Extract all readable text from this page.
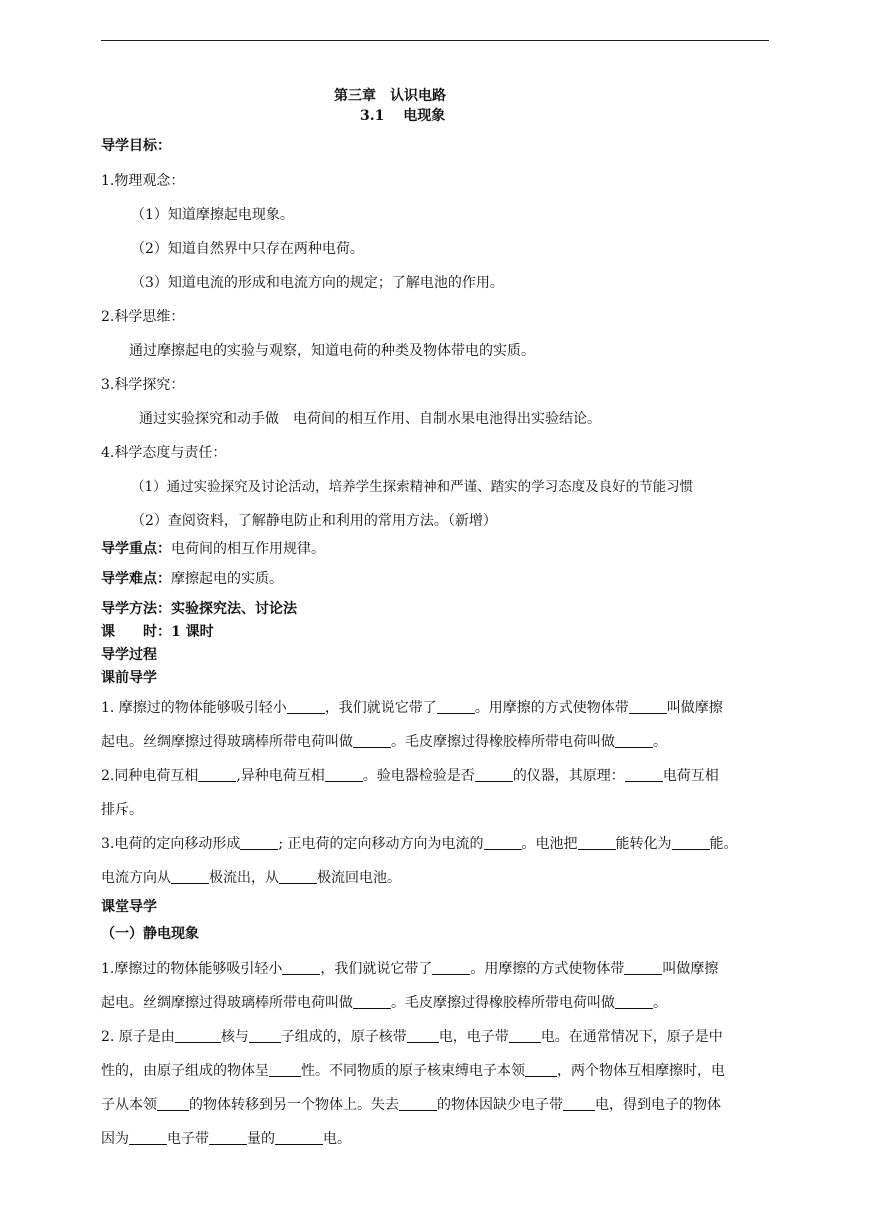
第三章　认识电路
3.1　 电现象
导学目标：
1.物理观念：
（1）知道摩擦起电现象。
（2）知道自然界中只存在两种电荷。
（3）知道电流的形成和电流方向的规定；了解电池的作用。
2.科学思维：
通过摩擦起电的实验与观察，知道电荷的种类及物体带电的实质。
3.科学探究：
通过实验探究和动手做　电荷间的相互作用、自制水果电池得出实验结论。
4.科学态度与责任：
（1）通过实验探究及讨论活动，培养学生探索精神和严谨、踏实的学习态度及良好的节能习惯
（2）查阅资料，了解静电防止和利用的常用方法。（新增）
导学重点：电荷间的相互作用规律。
导学难点：摩擦起电的实质。
导学方法：实验探究法、讨论法
课　　时：1 课时
导学过程
课前导学
1. 摩擦过的物体能够吸引轻小	，我们就说它带了	。用摩擦的方式使物体带	叫做摩擦
起电。丝绸摩擦过得玻璃棒所带电荷叫做	。毛皮摩擦过得橡胶棒所带电荷叫做	。
2.同种电荷互相	,异种电荷互相	。验电器检验是否	的仪器，其原理：	电荷互相
排斥。
3.电荷的定向移动形成	; 正电荷的定向移动方向为电流的	。电池把	能转化为	能。
电流方向从	极流出，从	极流回电池。
课堂导学
（一）静电现象
1.摩擦过的物体能够吸引轻小	，我们就说它带了	。用摩擦的方式使物体带	叫做摩擦
起电。丝绸摩擦过得玻璃棒所带电荷叫做	。毛皮摩擦过得橡胶棒所带电荷叫做	。
2. 原子是由	核与 子组成的，原子核带 电，电子带 电。在通常情况下，原子是中
性的，由原子组成的物体呈 性。不同物质的原子核束缚电子本领 ，两个物体互相摩擦时，电
子从本领 的物体转移到另一个物体上。失去	的物体因缺少电子带 电，得到电子的物体
因为	电子带	量的	电。
